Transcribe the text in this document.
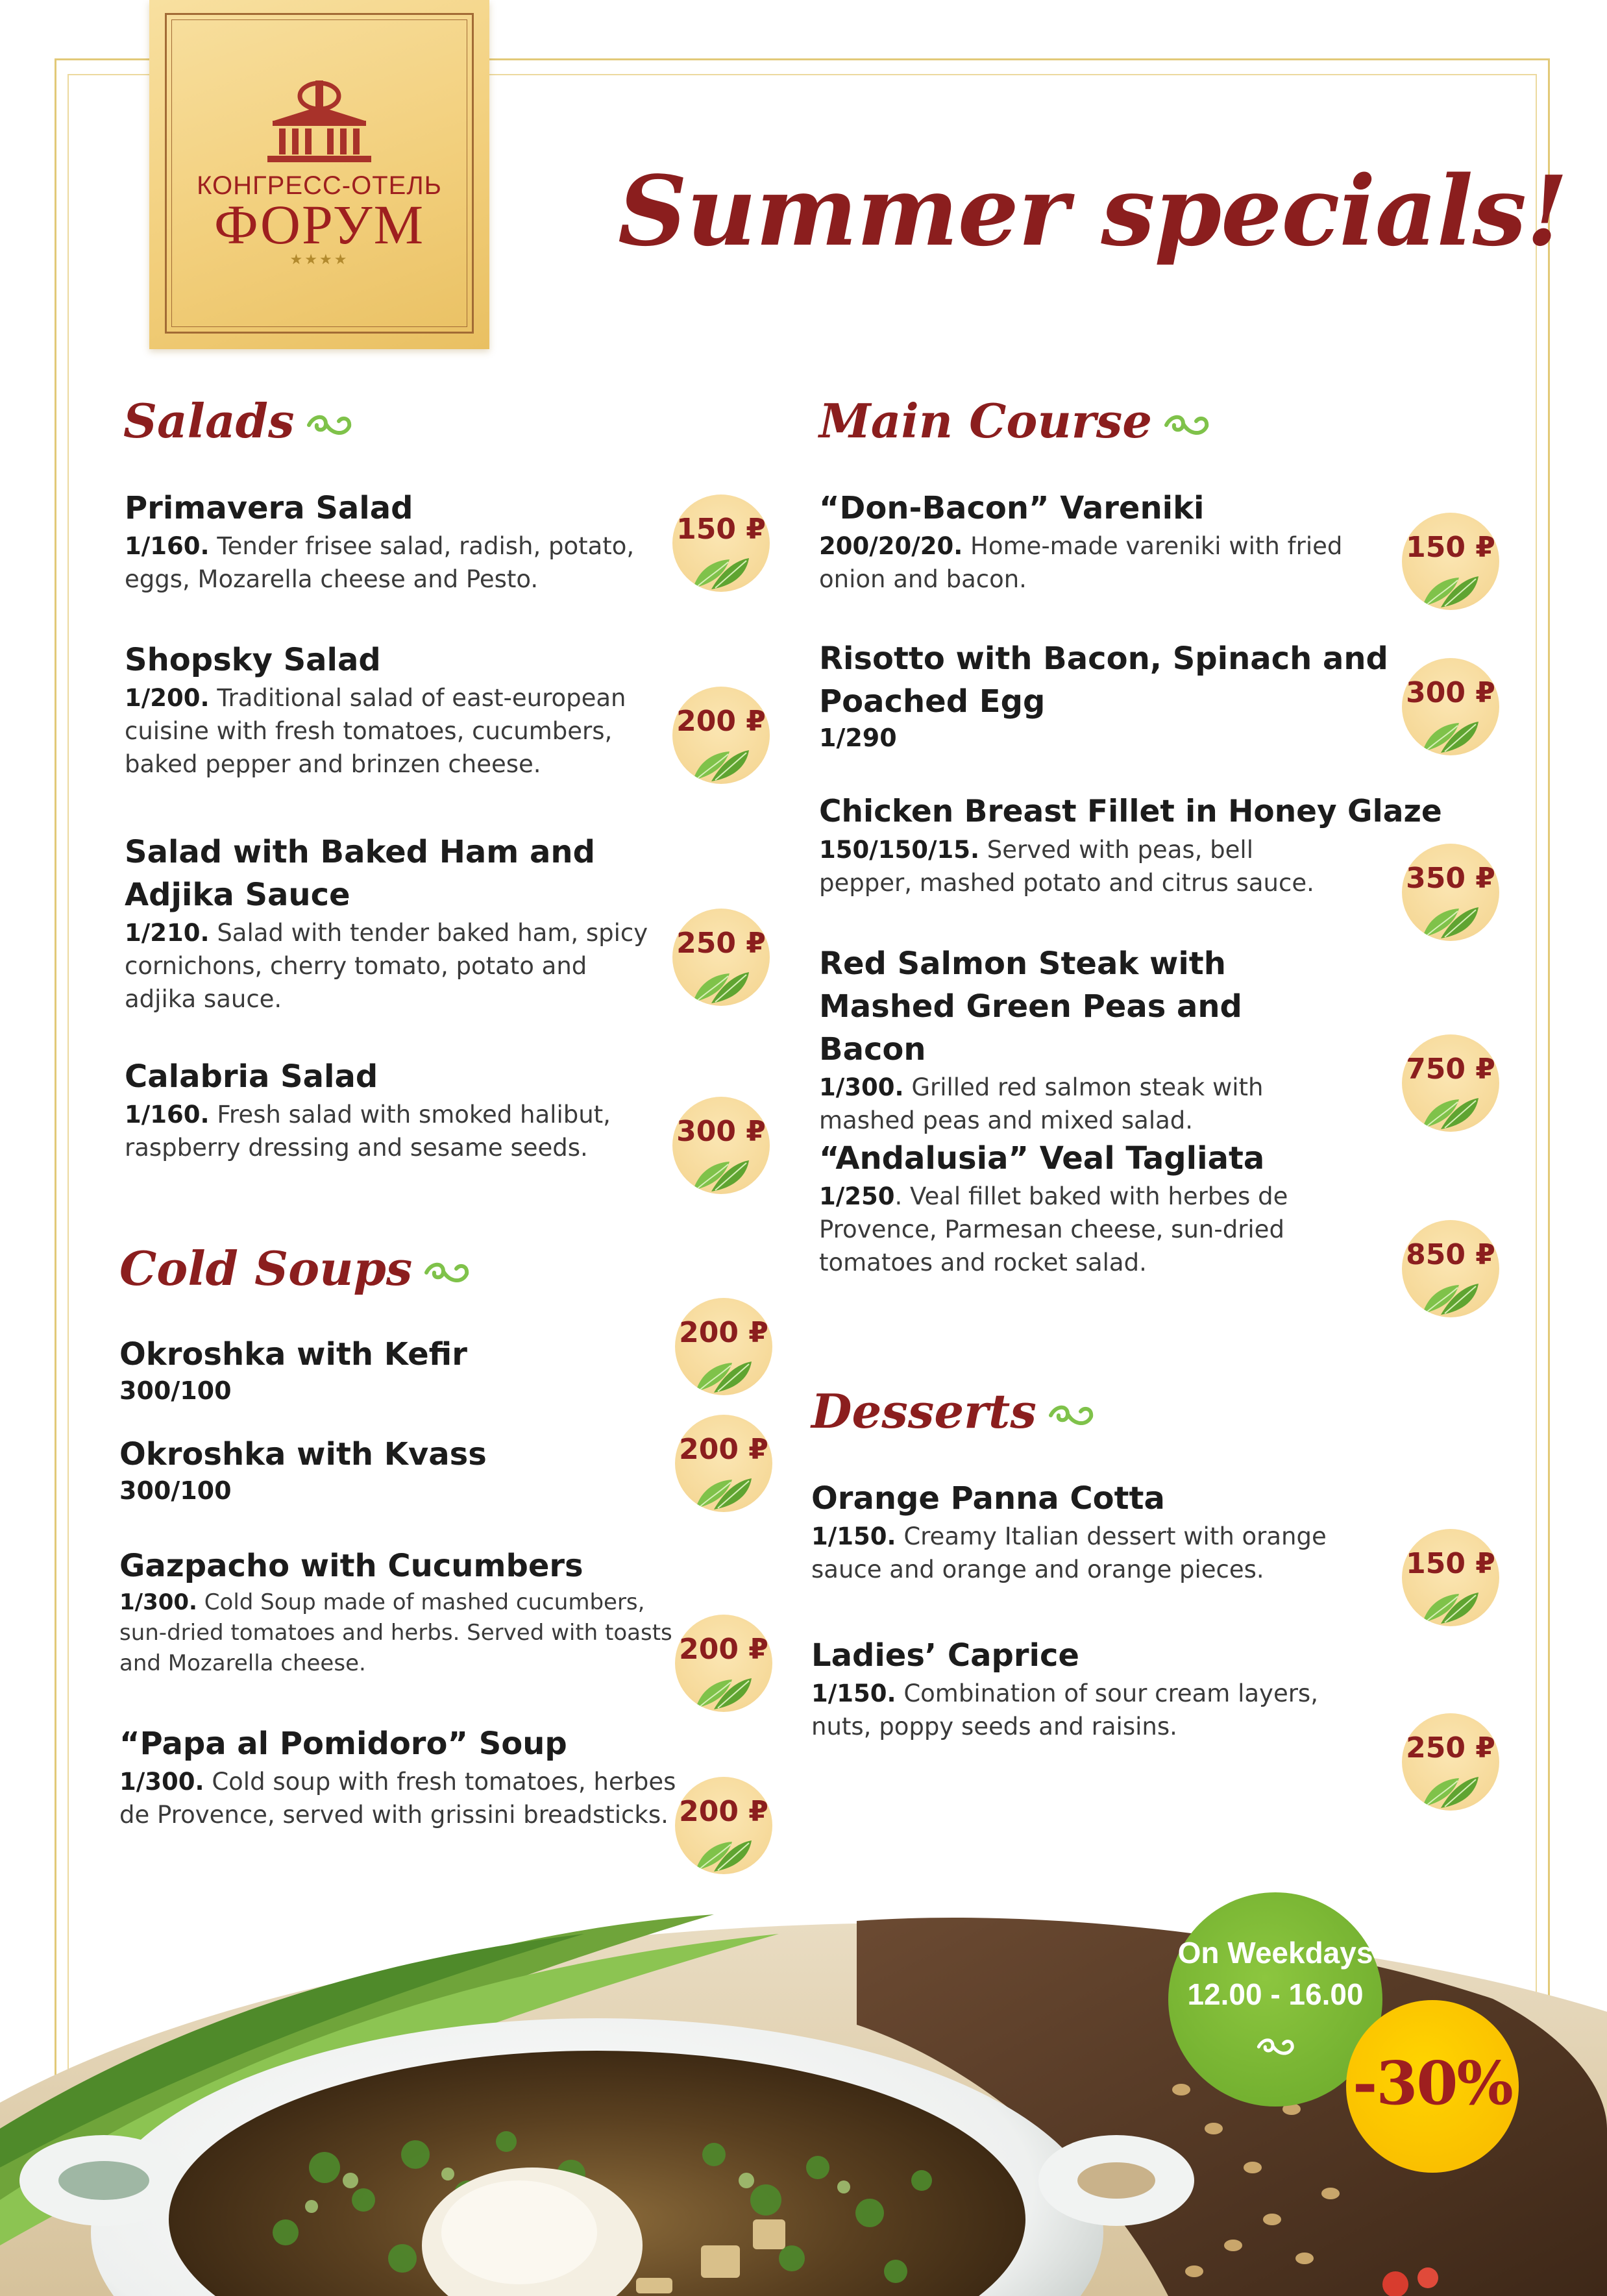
КОНГРЕСС-ОТЕЛЬ
ФОРУМ
★★★★	Summer specials!
Salads
Primavera Salad
1/160. Tender frisee salad, radish, potato, eggs, Mozarella cheese and Pesto.
150 ₽
Shopsky Salad
1/200. Traditional salad of east-european cuisine with fresh tomatoes, cucumbers, baked pepper and brinzen cheese.
200 ₽
Salad with Baked Ham and Adjika Sauce
1/210. Salad with tender baked ham, spicy cornichons, cherry tomato, potato and adjika sauce.
250 ₽
Calabria Salad
1/160. Fresh salad with smoked halibut, raspberry dressing and sesame seeds.	300 ₽
Cold Soups
Okroshka with Kefir
300/100
200 ₽
Okroshka with Kvass
300/100
200 ₽
Gazpacho with Cucumbers
1/300. Cold Soup made of mashed cucumbers, sun-dried tomatoes and herbs. Served with toasts and Mozarella cheese.	200 ₽
“Papa al Pomidoro” Soup
1/300. Cold soup with fresh tomatoes, herbes de Provence, served with grissini breadsticks. 200 ₽
Main Course
“Don-Bacon” Vareniki
200/20/20. Home-made vareniki with fried onion and bacon.
150 ₽
Risotto with Bacon, Spinach and Poached Egg
1/290
300 ₽
Chicken Breast Fillet in Honey Glaze
150/150/15. Served with peas, bell pepper, mashed potato and citrus sauce.	350 ₽
Red Salmon Steak with Mashed Green Peas and Bacon
1/300. Grilled red salmon steak with mashed peas and mixed salad.
750 ₽
“Andalusia” Veal Tagliata
1/250. Veal fillet baked with herbes de Provence, Parmesan cheese, sun-dried tomatoes and rocket salad.	850 ₽
Desserts
Orange Panna Cotta
1/150. Creamy Italian dessert with orange sauce and orange and orange pieces.	150 ₽
Ladies’ Caprice
1/150. Combination of sour cream layers, nuts, poppy seeds and raisins.
250 ₽
On Weekdays
12.00 - 16.00
-30%
